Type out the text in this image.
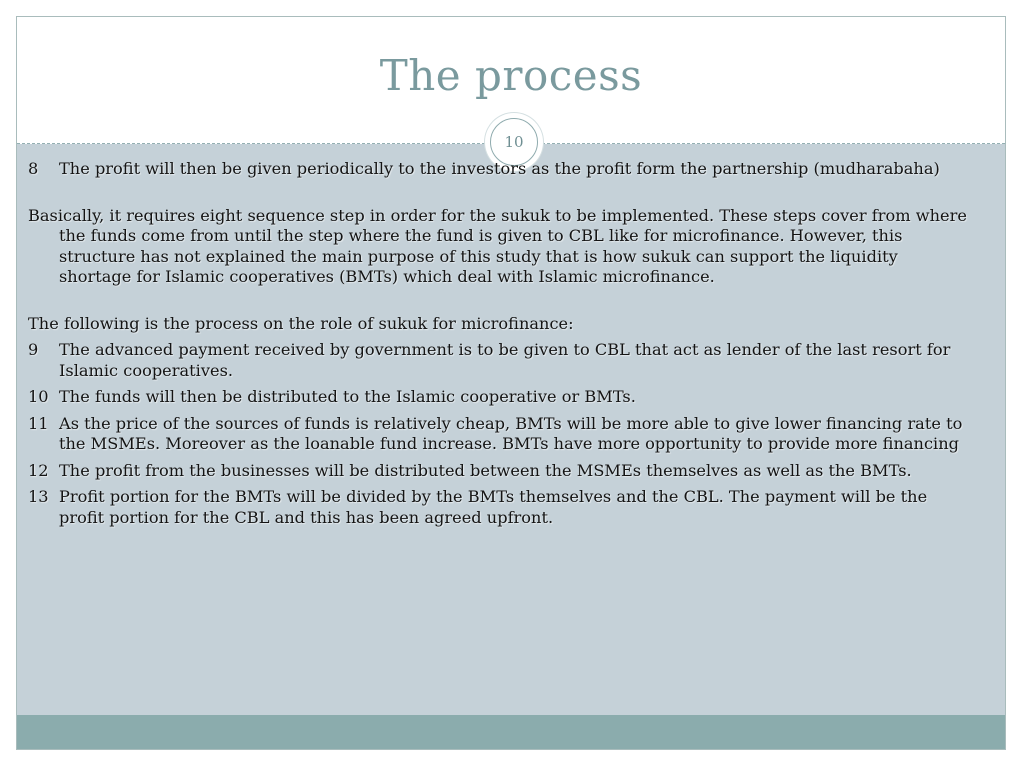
The process
10
8	The profit will then be given periodically to the investors as the profit form the partnership (mudharabaha)

Basically, it requires eight sequence step in order for the sukuk to be implemented. These steps cover from where the funds come from until the step where the fund is given to CBL like for microfinance. However, this structure has not explained the main purpose of this study that is how sukuk can support the liquidity shortage for Islamic cooperatives (BMTs) which deal with Islamic microfinance.

The following is the process on the role of sukuk for microfinance:

9	The advanced payment received by government is to be given to CBL that act as lender of the last resort for Islamic cooperatives.
10 The funds will then be distributed to the Islamic cooperative or BMTs.
11 As the price of the sources of funds is relatively cheap, BMTs will be more able to give lower financing rate to the MSMEs. Moreover as the loanable fund increase. BMTs have more opportunity to provide more financing
12 The profit from the businesses will be distributed between the MSMEs themselves as well as the BMTs.
13 Profit portion for the BMTs will be divided by the BMTs themselves and the CBL. The payment will be the profit portion for the CBL and this has been agreed upfront.
